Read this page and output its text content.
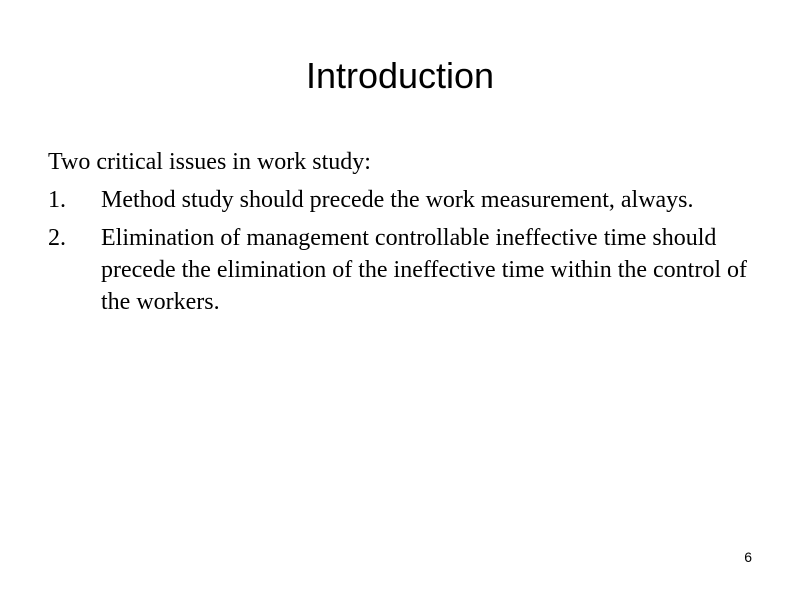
Introduction

Two critical issues in work study:

1.	Method study should precede the work measurement, always.
2.	Elimination of management controllable ineffective time should precede the elimination of the ineffective time within the control of the workers.
6
